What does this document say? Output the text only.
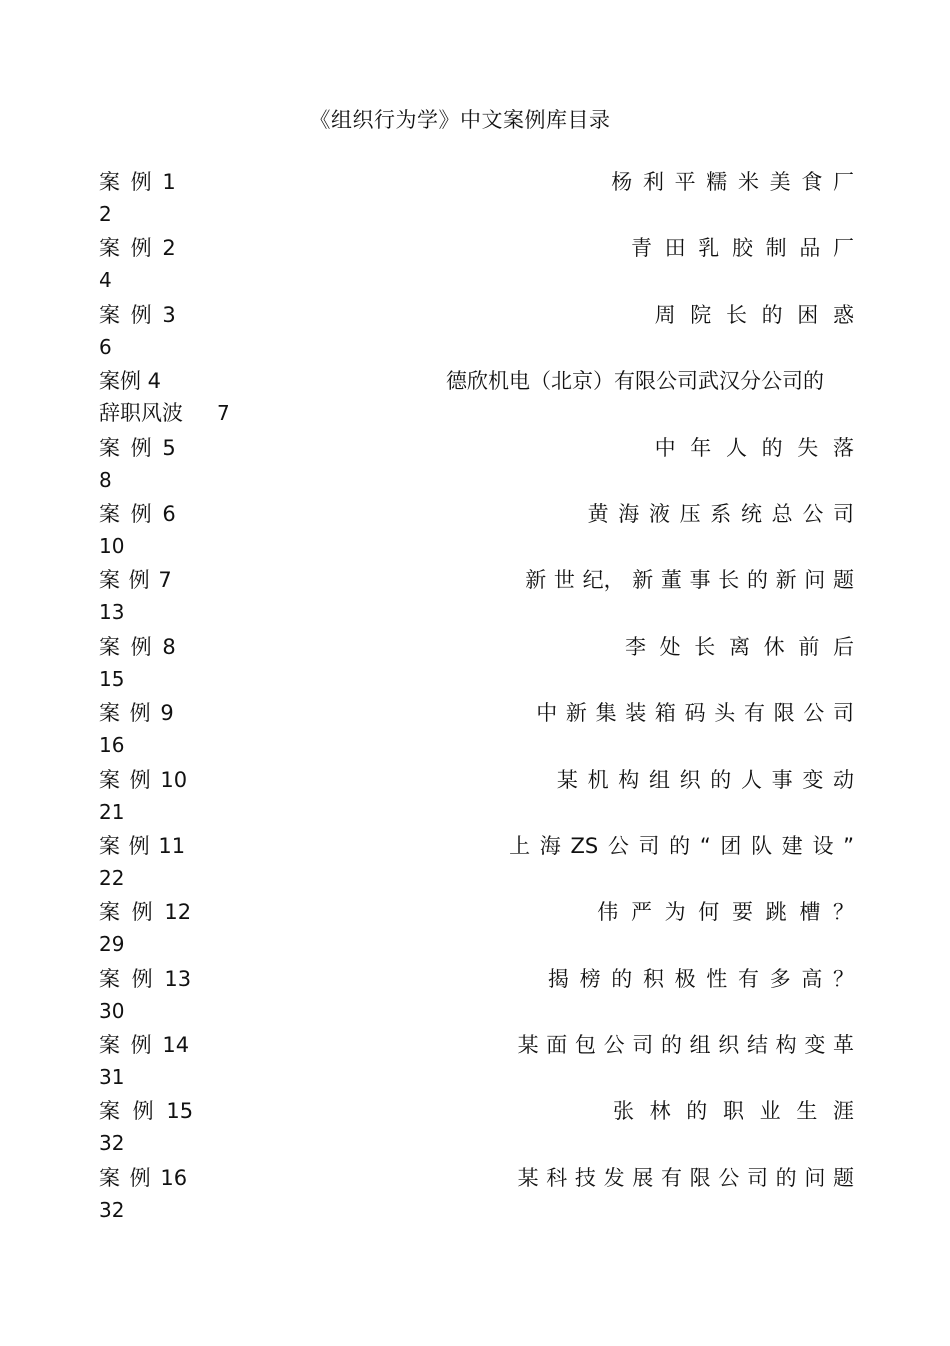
《组织行为学》中文案例库目录
案 例 1	杨 利 平 糯 米 美 食 厂
2
案 例 2	青 田 乳 胶 制 品 厂
4
案 例 3	周 院 长 的 困 惑
6
案例 4	德欣机电（北京）有限公司武汉分公司的
辞职风波 7
案 例 5	中 年 人 的 失 落
8
案 例 6	黄 海 液 压 系 统 总 公 司
10
案 例 7	新 世 纪， 新 董 事 长 的 新 问 题
13
案 例 8	李 处 长 离 休 前 后
15
案 例 9	中 新 集 装 箱 码 头 有 限 公 司
16
案 例 10	某 机 构 组 织 的 人 事 变 动
21
案 例 11	上 海 ZS 公 司 的 “ 团 队 建 设 ”
22
案 例 12	伟 严 为 何 要 跳 槽 ？
29
案 例 13	揭 榜 的 积 极 性 有 多 高 ？
30
案 例 14	某 面 包 公 司 的 组 织 结 构 变 革
31
案 例 15	张 林 的 职 业 生 涯
32
案 例 16	某 科 技 发 展 有 限 公 司 的 问 题
32
